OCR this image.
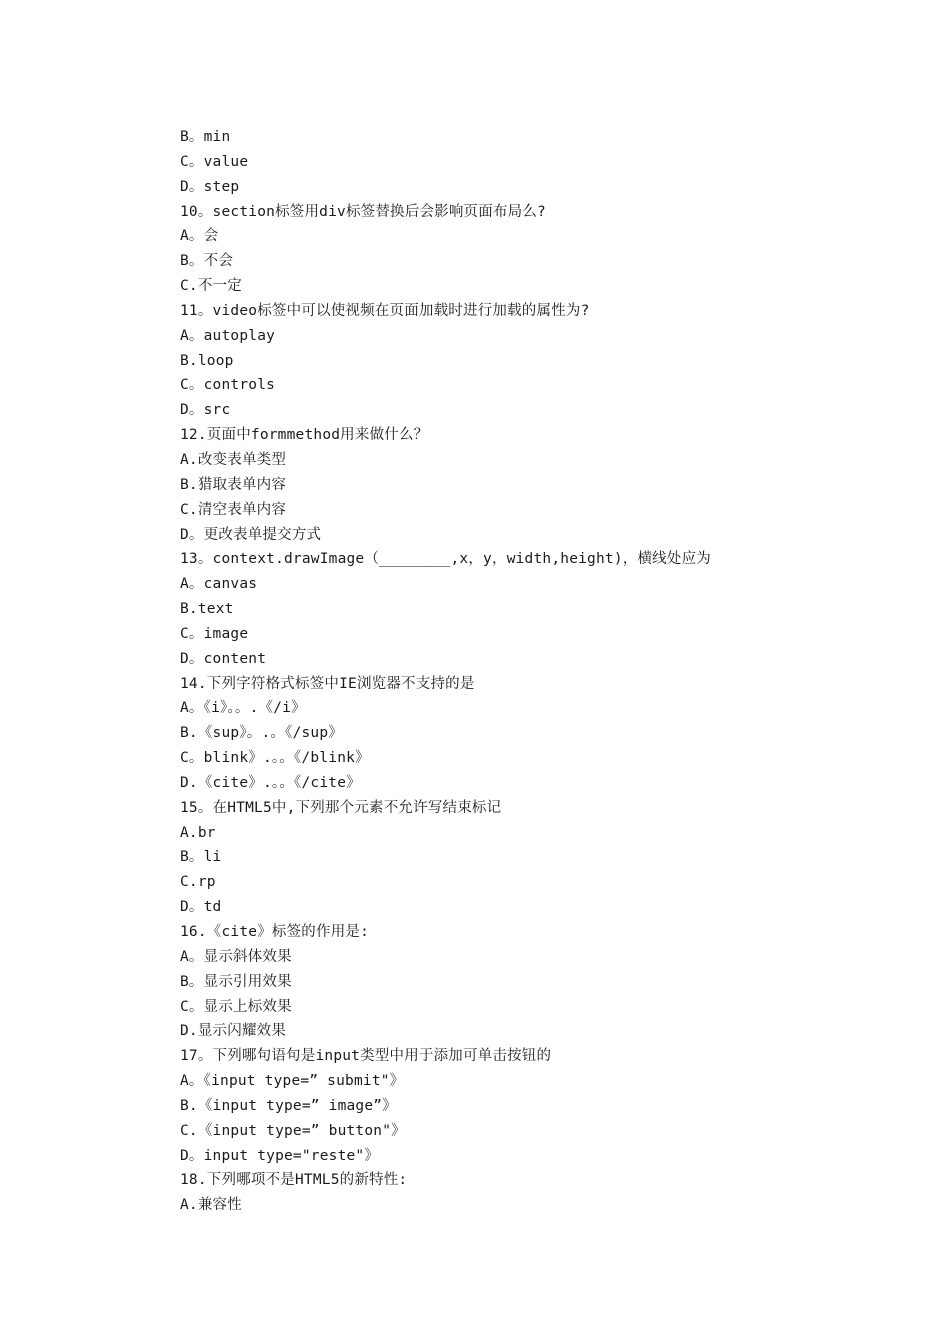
B。min
C。value
D。step
10。section标签用div标签替换后会影响页面布局么?
A。会
B。不会
C.不一定
11。video标签中可以使视频在页面加载时进行加载的属性为?
A。autoplay
B.loop
C。controls
D。src
12.页面中formmethod用来做什么？
A.改变表单类型
B.猎取表单内容
C.清空表单内容
D。更改表单提交方式
13。context.drawImage（________,x，y，width,height)，横线处应为
A。canvas
B.text
C。image
D。content
14.下列字符格式标签中IE浏览器不支持的是
A。《i》。。.《/i》
B.《sup》。.。《/sup》
C。blink》.。。《/blink》
D.《cite》.。。《/cite》
15。在HTML5中,下列那个元素不允许写结束标记
A.br
B。li
C.rp
D。td
16.《cite》标签的作用是:
A。显示斜体效果
B。显示引用效果
C。显示上标效果
D.显示闪耀效果
17。下列哪句语句是input类型中用于添加可单击按钮的
A。《input type=” submit"》
B.《input type=” image”》
C.《input type=” button"》
D。input type="reste"》
18.下列哪项不是HTML5的新特性:
A.兼容性
